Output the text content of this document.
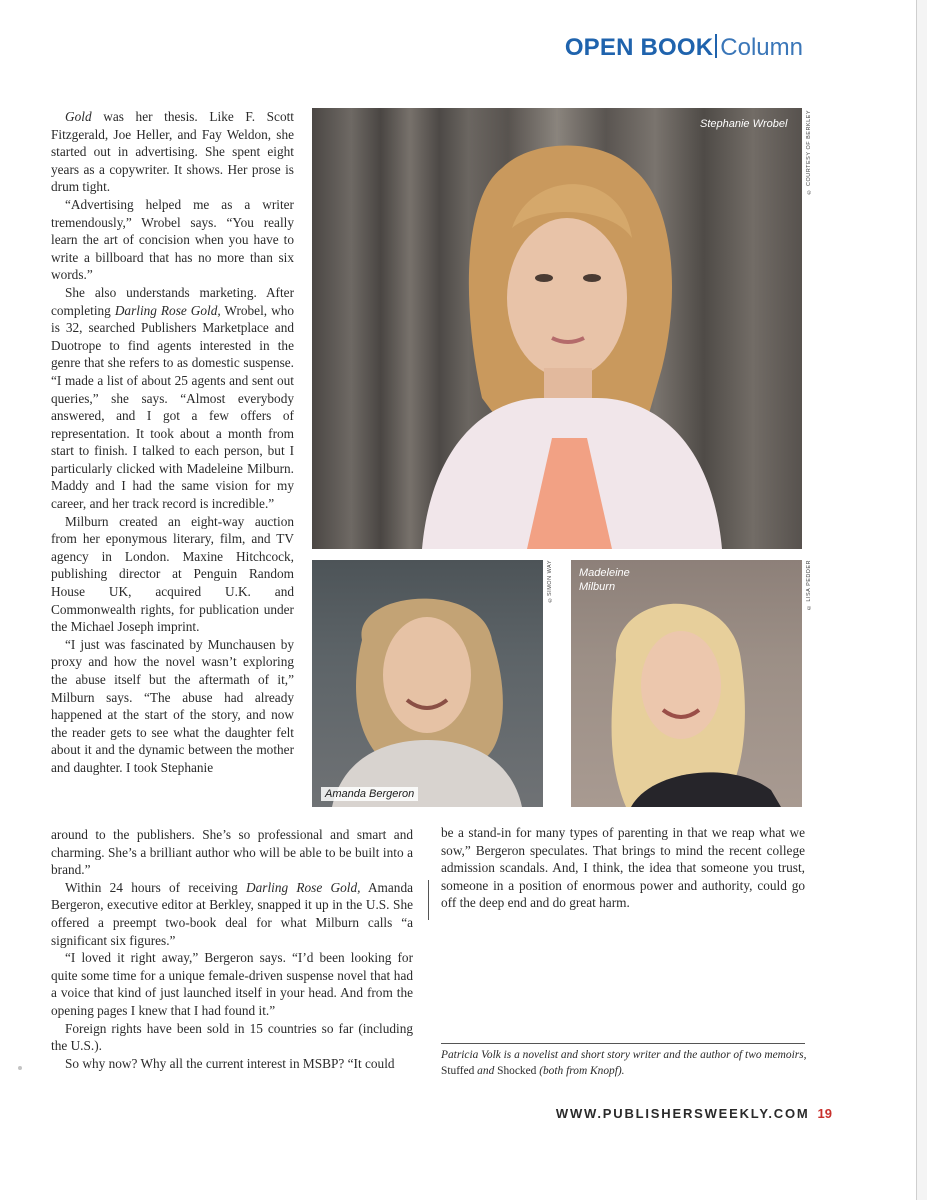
OPEN BOOK Column

Gold was her thesis. Like F. Scott Fitzgerald, Joe Heller, and Fay Weldon, she started out in advertising. She spent eight years as a copywriter. It shows. Her prose is drum tight.

“Advertising helped me as a writer tremendously,” Wrobel says. “You really learn the art of concision when you have to write a billboard that has no more than six words.”

She also understands marketing. After completing Darling Rose Gold, Wrobel, who is 32, searched Publishers Marketplace and Duotrope to find agents interested in the genre that she refers to as domestic suspense. “I made a list of about 25 agents and sent out queries,” she says. “Almost everybody answered, and I got a few offers of representation. It took about a month from start to finish. I talked to each person, but I particularly clicked with Madeleine Milburn. Maddy and I had the same vision for my career, and her track record is incredible.”

Milburn created an eight-way auction from her eponymous literary, film, and TV agency in London. Maxine Hitchcock, publishing director at Penguin Random House UK, acquired U.K. and Commonwealth rights, for publication under the Michael Joseph imprint.

“I just was fascinated by Munchausen by proxy and how the novel wasn’t exploring the abuse itself but the aftermath of it,” Milburn says. “The abuse had already happened at the start of the story, and now the reader gets to see what the daughter felt about it and the dynamic between the mother and daughter. I took Stephanie

Stephanie Wrobel	© COURTESY OF BERKLEY
Amanda Bergeron
©SIMON WAY Madeleine
Milburn	© LISA PEDDER

around to the publishers. She’s so professional and smart and charming. She’s a brilliant author who will be able to be built into a brand.”

Within 24 hours of receiving Darling Rose Gold, Amanda Bergeron, executive editor at Berkley, snapped it up in the U.S. She offered a preempt two-book deal for what Milburn calls “a significant six figures.”

“I loved it right away,” Bergeron says. “I’d been looking for quite some time for a unique female-driven suspense novel that had a voice that kind of just launched itself in your head. And from the opening pages I knew that I had found it.”

Foreign rights have been sold in 15 countries so far (including the U.S.).

So why now? Why all the current interest in MSBP? “It could

be a stand-in for many types of parenting in that we reap what we sow,” Bergeron speculates. That brings to mind the recent college admission scandals. And, I think, the idea that someone you trust, someone in a position of enormous power and authority, could go off the deep end and do great harm.

Patricia Volk is a novelist and short story writer and the author of two memoirs,
Stuffed and Shocked (both from Knopf).
WWW.PUBLISHERSWEEKLY.COM 19
